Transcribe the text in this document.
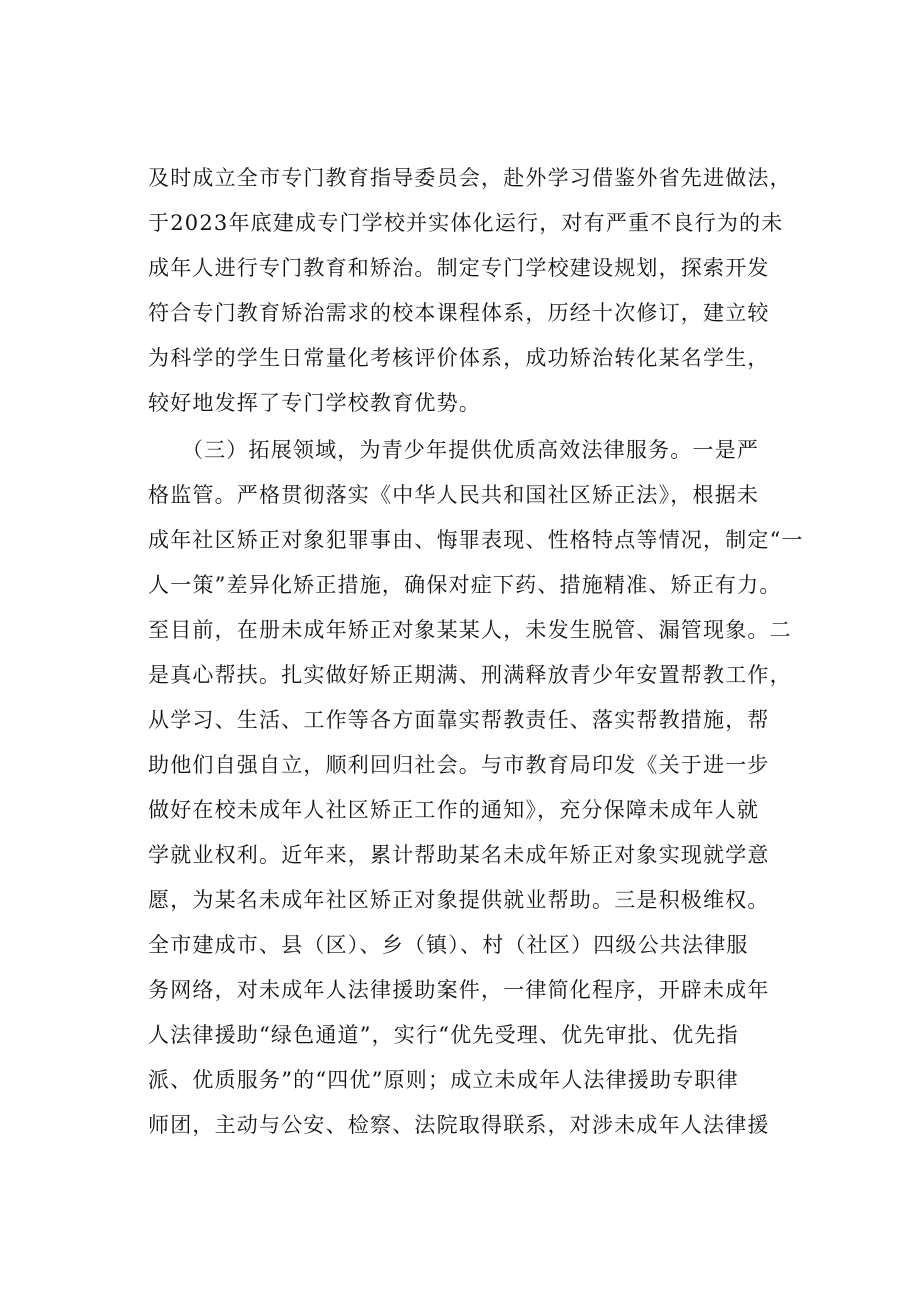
及时成立全市专门教育指导委员会，赴外学习借鉴外省先进做法，
于2023年底建成专门学校并实体化运行，对有严重不良行为的未
成年人进行专门教育和矫治。制定专门学校建设规划，探索开发
符合专门教育矫治需求的校本课程体系，历经十次修订，建立较
为科学的学生日常量化考核评价体系，成功矫治转化某名学生，
较好地发挥了专门学校教育优势。
　　（三）拓展领域，为青少年提供优质高效法律服务。一是严
格监管。严格贯彻落实《中华人民共和国社区矫正法》，根据未
成年社区矫正对象犯罪事由、悔罪表现、性格特点等情况，制定“一
人一策”差异化矫正措施，确保对症下药、措施精准、矫正有力。
至目前，在册未成年矫正对象某某人，未发生脱管、漏管现象。二
是真心帮扶。扎实做好矫正期满、刑满释放青少年安置帮教工作，
从学习、生活、工作等各方面靠实帮教责任、落实帮教措施，帮
助他们自强自立，顺利回归社会。与市教育局印发《关于进一步
做好在校未成年人社区矫正工作的通知》，充分保障未成年人就
学就业权利。近年来，累计帮助某名未成年矫正对象实现就学意
愿，为某名未成年社区矫正对象提供就业帮助。三是积极维权。
全市建成市、县（区）、乡（镇）、村（社区）四级公共法律服
务网络，对未成年人法律援助案件，一律简化程序，开辟未成年
人法律援助“绿色通道”，实行“优先受理、优先审批、优先指
派、优质服务”的“四优”原则；成立未成年人法律援助专职律
师团，主动与公安、检察、法院取得联系，对涉未成年人法律援
